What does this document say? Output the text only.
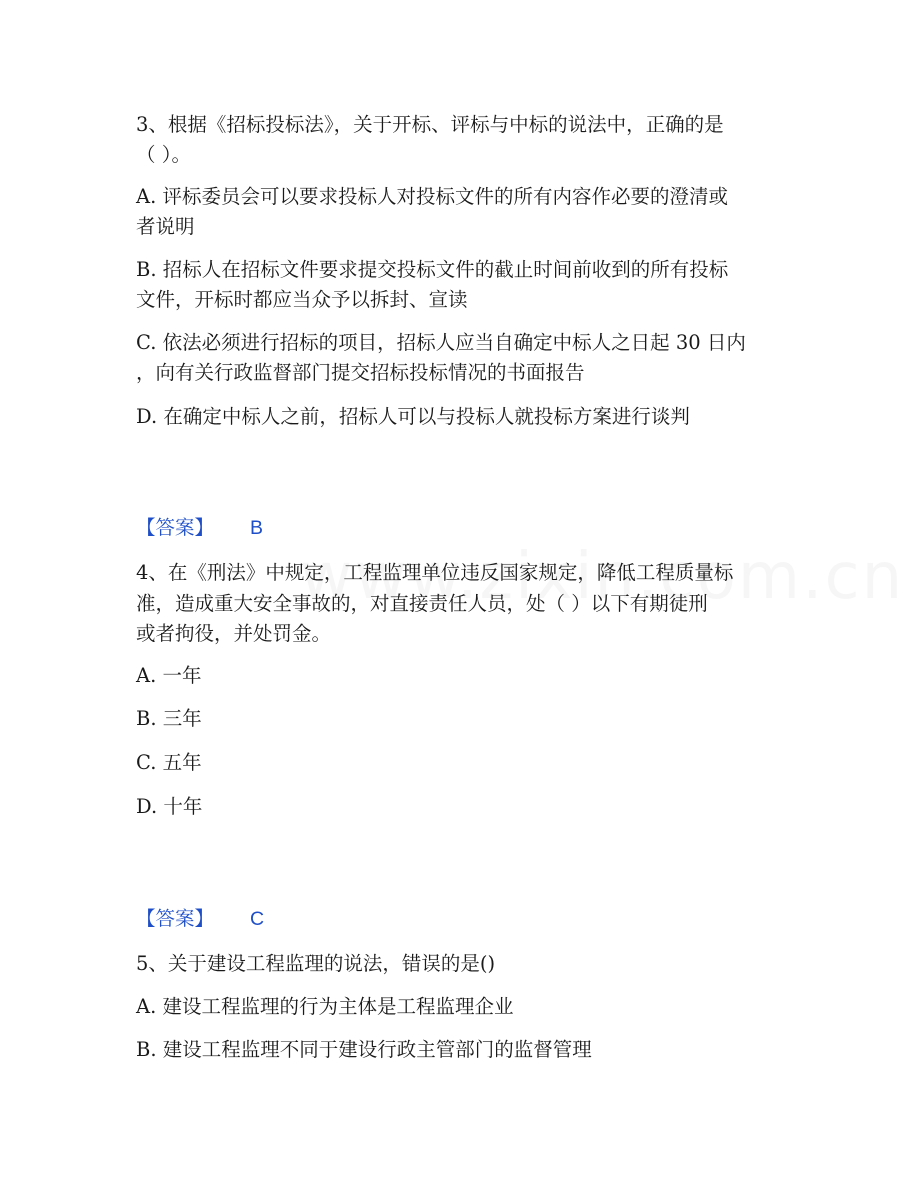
3、根据《招标投标法》，关于开标、评标与中标的说法中，正确的是
（ ）。
A. 评标委员会可以要求投标人对投标文件的所有内容作必要的澄清或
者说明
B. 招标人在招标文件要求提交投标文件的截止时间前收到的所有投标
文件，开标时都应当众予以拆封、宣读
C. 依法必须进行招标的项目，招标人应当自确定中标人之日起 30 日内
，向有关行政监督部门提交招标投标情况的书面报告
D. 在确定中标人之前，招标人可以与投标人就投标方案进行谈判
【答案】 B
4、在《刑法》中规定，工程监理单位违反国家规定，降低工程质量标
准，造成重大安全事故的，对直接责任人员，处（ ）以下有期徒刑
或者拘役，并处罚金。
A. 一年
B. 三年
C. 五年
D. 十年
【答案】 C
5、关于建设工程监理的说法，错误的是()
A. 建设工程监理的行为主体是工程监理企业
B. 建设工程监理不同于建设行政主管部门的监督管理
